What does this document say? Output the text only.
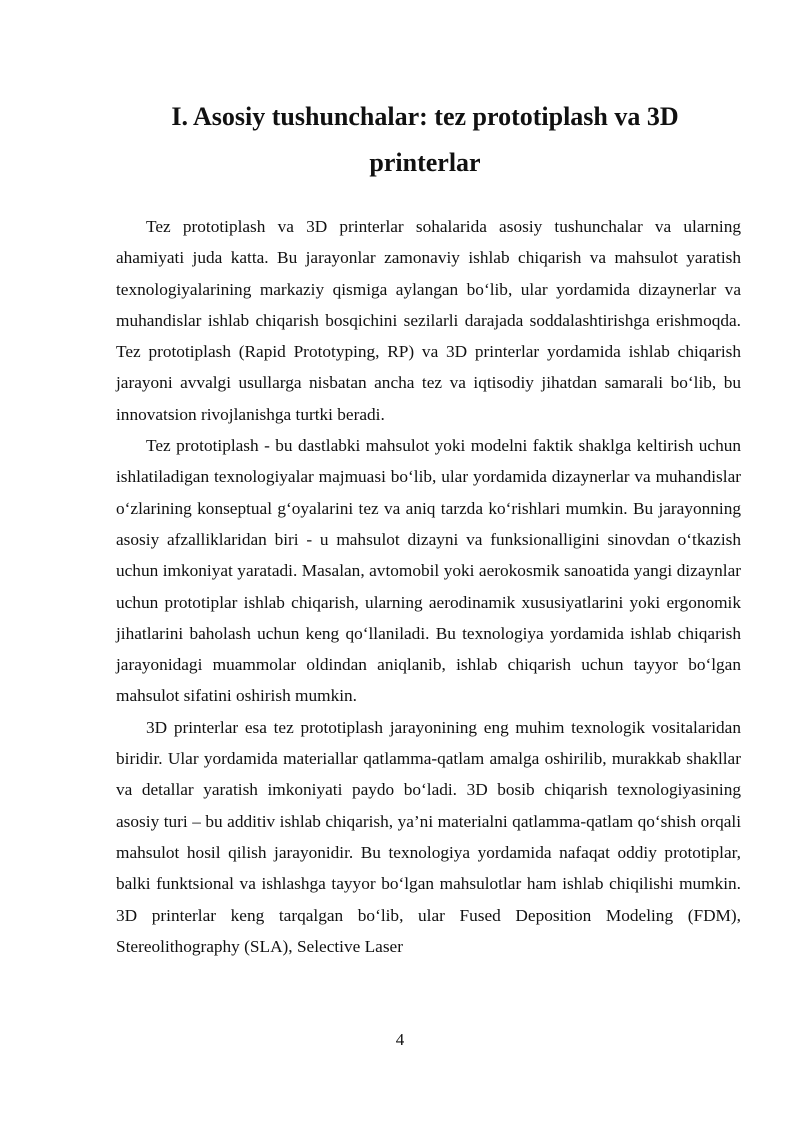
I. Asosiy tushunchalar: tez prototiplash va 3D
printerlar

Tez prototiplash va 3D printerlar sohalarida asosiy tushunchalar va ularning ahamiyati juda katta. Bu jarayonlar zamonaviy ishlab chiqarish va mahsulot yaratish texnologiyalarining markaziy qismiga aylangan bo‘lib, ular yordamida dizaynerlar va muhandislar ishlab chiqarish bosqichini sezilarli darajada soddalashtirishga erishmoqda. Tez prototiplash (Rapid Prototyping, RP) va 3D printerlar yordamida ishlab chiqarish jarayoni avvalgi usullarga nisbatan ancha tez va iqtisodiy jihatdan samarali bo‘lib, bu innovatsion rivojlanishga turtki beradi.

Tez prototiplash - bu dastlabki mahsulot yoki modelni faktik shaklga keltirish uchun ishlatiladigan texnologiyalar majmuasi bo‘lib, ular yordamida dizaynerlar va muhandislar o‘zlarining konseptual g‘oyalarini tez va aniq tarzda ko‘rishlari mumkin. Bu jarayonning asosiy afzalliklaridan biri - u mahsulot dizayni va funksionalligini sinovdan o‘tkazish uchun imkoniyat yaratadi. Masalan, avtomobil yoki aerokosmik sanoatida yangi dizaynlar uchun prototiplar ishlab chiqarish, ularning aerodinamik xususiyatlarini yoki ergonomik jihatlarini baholash uchun keng qo‘llaniladi. Bu texnologiya yordamida ishlab chiqarish jarayonidagi muammolar oldindan aniqlanib, ishlab chiqarish uchun tayyor bo‘lgan mahsulot sifatini oshirish mumkin.

3D printerlar esa tez prototiplash jarayonining eng muhim texnologik vositalaridan biridir. Ular yordamida materiallar qatlamma-qatlam amalga oshirilib, murakkab shakllar va detallar yaratish imkoniyati paydo bo‘ladi. 3D bosib chiqarish texnologiyasining asosiy turi – bu additiv ishlab chiqarish, ya’ni materialni qatlamma-qatlam qo‘shish orqali mahsulot hosil qilish jarayonidir. Bu texnologiya yordamida nafaqat oddiy prototiplar, balki funktsional va ishlashga tayyor bo‘lgan mahsulotlar ham ishlab chiqilishi mumkin. 3D printerlar keng tarqalgan bo‘lib, ular Fused Deposition Modeling (FDM), Stereolithography (SLA), Selective Laser

4
